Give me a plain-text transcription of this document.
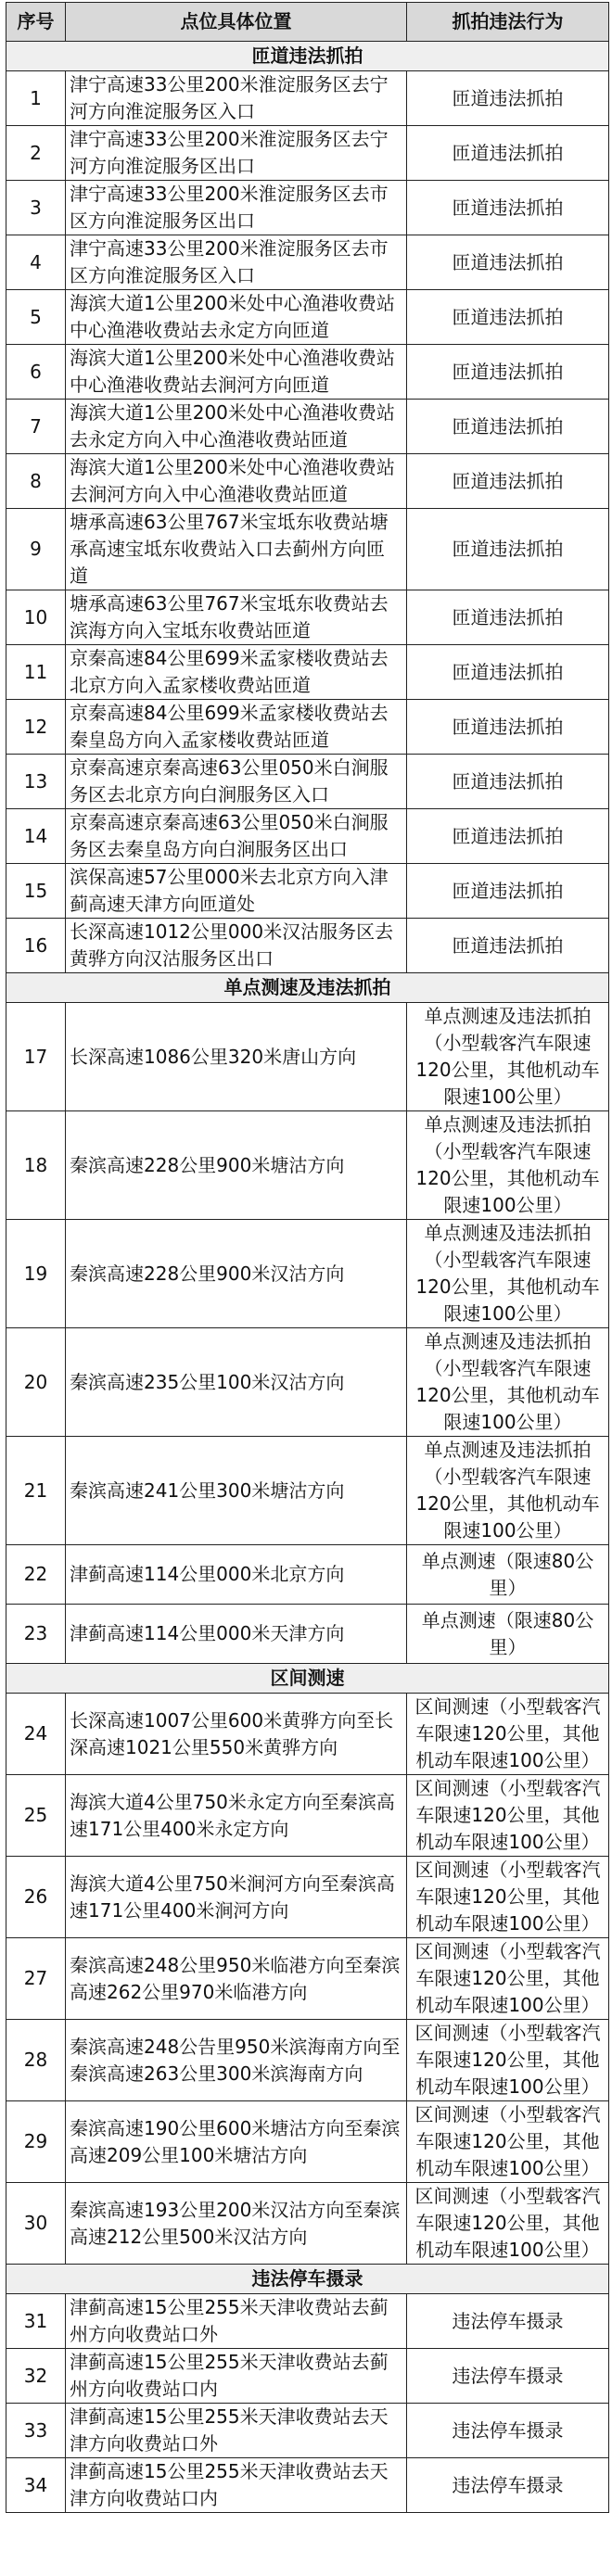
序号	点位具体位置	抓拍违法行为
匝道违法抓拍		
1	津宁高速33公里200米淮淀服务区去宁河方向淮淀服务区入口	匝道违法抓拍
2	津宁高速33公里200米淮淀服务区去宁河方向淮淀服务区出口	匝道违法抓拍
3	津宁高速33公里200米淮淀服务区去市区方向淮淀服务区出口	匝道违法抓拍
4	津宁高速33公里200米淮淀服务区去市区方向淮淀服务区入口	匝道违法抓拍
5	海滨大道1公里200米处中心渔港收费站中心渔港收费站去永定方向匝道	匝道违法抓拍
6	海滨大道1公里200米处中心渔港收费站中心渔港收费站去涧河方向匝道	匝道违法抓拍
7	海滨大道1公里200米处中心渔港收费站去永定方向入中心渔港收费站匝道	匝道违法抓拍
8	海滨大道1公里200米处中心渔港收费站去涧河方向入中心渔港收费站匝道	匝道违法抓拍
9	塘承高速63公里767米宝坻东收费站塘承高速宝坻东收费站入口去蓟州方向匝道	匝道违法抓拍
10	塘承高速63公里767米宝坻东收费站去滨海方向入宝坻东收费站匝道	匝道违法抓拍
11	京秦高速84公里699米孟家楼收费站去北京方向入孟家楼收费站匝道	匝道违法抓拍
12	京秦高速84公里699米孟家楼收费站去秦皇岛方向入孟家楼收费站匝道	匝道违法抓拍
13	京秦高速京秦高速63公里050米白涧服务区去北京方向白涧服务区入口	匝道违法抓拍
14	京秦高速京秦高速63公里050米白涧服务区去秦皇岛方向白涧服务区出口	匝道违法抓拍
15	滨保高速57公里000米去北京方向入津蓟高速天津方向匝道处	匝道违法抓拍
16	长深高速1012公里000米汉沽服务区去黄骅方向汉沽服务区出口	匝道违法抓拍
单点测速及违法抓拍		
17	长深高速1086公里320米唐山方向	单点测速及违法抓拍（小型载客汽车限速120公里，其他机动车限速100公里）
18	秦滨高速228公里900米塘沽方向	单点测速及违法抓拍（小型载客汽车限速120公里，其他机动车限速100公里）
19	秦滨高速228公里900米汉沽方向	单点测速及违法抓拍（小型载客汽车限速120公里，其他机动车限速100公里）
20	秦滨高速235公里100米汉沽方向	单点测速及违法抓拍（小型载客汽车限速120公里，其他机动车限速100公里）
21	秦滨高速241公里300米塘沽方向	单点测速及违法抓拍（小型载客汽车限速120公里，其他机动车限速100公里）
22	津蓟高速114公里000米北京方向	单点测速（限速80公里）
23	津蓟高速114公里000米天津方向	单点测速（限速80公里）
区间测速		
24	长深高速1007公里600米黄骅方向至长深高速1021公里550米黄骅方向	区间测速（小型载客汽车限速120公里，其他机动车限速100公里）
25	海滨大道4公里750米永定方向至秦滨高速171公里400米永定方向	区间测速（小型载客汽车限速120公里，其他机动车限速100公里）
26	海滨大道4公里750米涧河方向至秦滨高速171公里400米涧河方向	区间测速（小型载客汽车限速120公里，其他机动车限速100公里）
27	秦滨高速248公里950米临港方向至秦滨高速262公里970米临港方向	区间测速（小型载客汽车限速120公里，其他机动车限速100公里）
28	秦滨高速248公告里950米滨海南方向至秦滨高速263公里300米滨海南方向	区间测速（小型载客汽车限速120公里，其他机动车限速100公里）
29	秦滨高速190公里600米塘沽方向至秦滨高速209公里100米塘沽方向	区间测速（小型载客汽车限速120公里，其他机动车限速100公里）
30	秦滨高速193公里200米汉沽方向至秦滨高速212公里500米汉沽方向	区间测速（小型载客汽车限速120公里，其他机动车限速100公里）
违法停车摄录		
31	津蓟高速15公里255米天津收费站去蓟州方向收费站口外	违法停车摄录
32	津蓟高速15公里255米天津收费站去蓟州方向收费站口内	违法停车摄录
33	津蓟高速15公里255米天津收费站去天津方向收费站口外	违法停车摄录
34	津蓟高速15公里255米天津收费站去天津方向收费站口内	违法停车摄录
